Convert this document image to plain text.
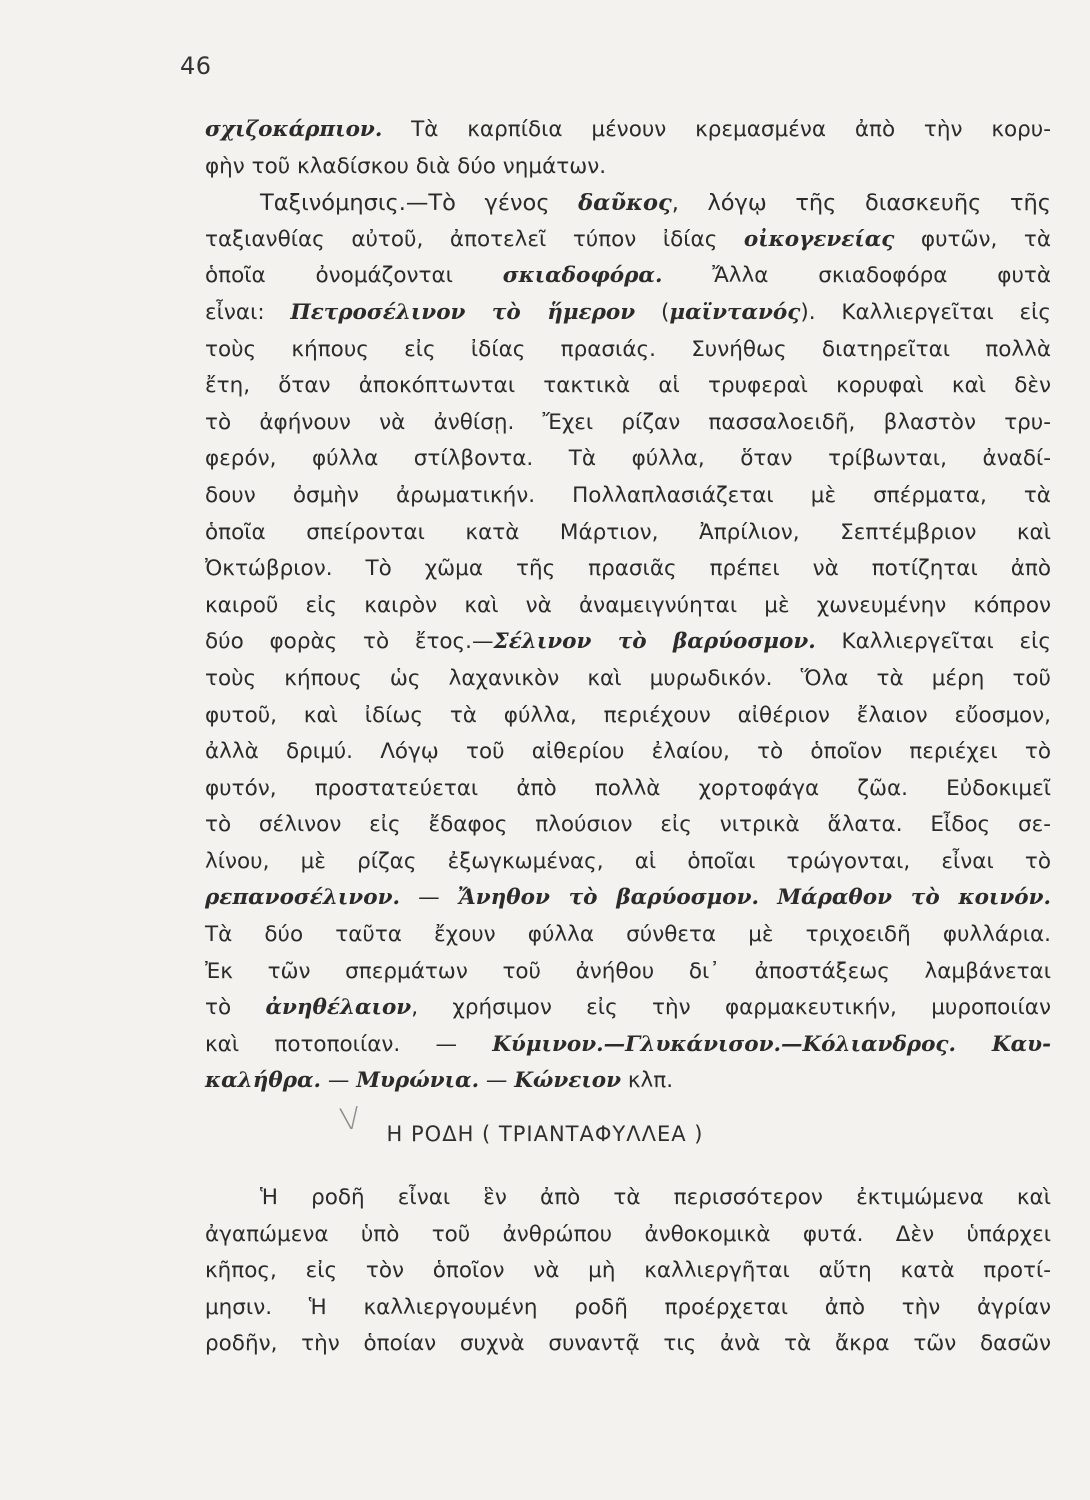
46
σχιζοκάρπιον. Τὰ καρπίδια μένουν κρεμασμένα ἀπὸ τὴν κορυ-
φὴν τοῦ κλαδίσκου διὰ δύο νημάτων.
Ταξινόμησις.—Τὸ γένος δαῦκος, λόγῳ τῆς διασκευῆς τῆς
ταξιανθίας αὐτοῦ, ἀποτελεῖ τύπον ἰδίας οἰκογενείας φυτῶν, τὰ
ὁποῖα ὀνομάζονται σκιαδοφόρα. Ἄλλα σκιαδοφόρα φυτὰ
εἶναι: Πετροσέλινον τὸ ἥμερον (μαϊντανός). Καλλιεργεῖται εἰς
τοὺς κήπους εἰς ἰδίας πρασιάς. Συνήθως διατηρεῖται πολλὰ
ἔτη, ὅταν ἀποκόπτωνται τακτικὰ αἱ τρυφεραὶ κορυφαὶ καὶ δὲν
τὸ ἀφήνουν νὰ ἀνθίσῃ. Ἔχει ρίζαν πασσαλοειδῆ, βλαστὸν τρυ-
φερόν, φύλλα στίλβοντα. Τὰ φύλλα, ὅταν τρίβωνται, ἀναδί-
δουν ὀσμὴν ἀρωματικήν. Πολλαπλασιάζεται μὲ σπέρματα, τὰ
ὁποῖα σπείρονται κατὰ Μάρτιον, Ἀπρίλιον, Σεπτέμβριον καὶ
Ὀκτώβριον. Τὸ χῶμα τῆς πρασιᾶς πρέπει νὰ ποτίζηται ἀπὸ
καιροῦ εἰς καιρὸν καὶ νὰ ἀναμειγνύηται μὲ χωνευμένην κόπρον
δύο φορὰς τὸ ἔτος.—Σέλινον τὸ βαρύοσμον. Καλλιεργεῖται εἰς
τοὺς κήπους ὡς λαχανικὸν καὶ μυρωδικόν. Ὅλα τὰ μέρη τοῦ
φυτοῦ, καὶ ἰδίως τὰ φύλλα, περιέχουν αἰθέριον ἔλαιον εὔοσμον,
ἀλλὰ δριμύ. Λόγῳ τοῦ αἰθερίου ἐλαίου, τὸ ὁποῖον περιέχει τὸ
φυτόν, προστατεύεται ἀπὸ πολλὰ χορτοφάγα ζῶα. Εὐδοκιμεῖ
τὸ σέλινον εἰς ἔδαφος πλούσιον εἰς νιτρικὰ ἅλατα. Εἶδος σε-
λίνου, μὲ ρίζας ἐξωγκωμένας, αἱ ὁποῖαι τρώγονται, εἶναι τὸ
ρεπανοσέλινον. — Ἄνηθον τὸ βαρύοσμον. Μάραθον τὸ κοινόν.
Τὰ δύο ταῦτα ἔχουν φύλλα σύνθετα μὲ τριχοειδῆ φυλλάρια.
Ἐκ τῶν σπερμάτων τοῦ ἀνήθου δι᾽ ἀποστάξεως λαμβάνεται
τὸ ἀνηθέλαιον, χρήσιμον εἰς τὴν φαρμακευτικήν, μυροποιίαν
καὶ ποτοποιίαν. — Κύμινον.—Γλυκάνισον.—Κόλιανδρος. Καυ-
καλήθρα. — Μυρώνια. — Κώνειον κλπ.
V	Η ΡΟΔΗ ( ΤΡΙΑΝΤΑΦΥΛΛΕΑ )
Ἡ ροδῆ εἶναι ἓν ἀπὸ τὰ περισσότερον ἐκτιμώμενα καὶ
ἀγαπώμενα ὑπὸ τοῦ ἀνθρώπου ἀνθοκομικὰ φυτά. Δὲν ὑπάρχει
κῆπος, εἰς τὸν ὁποῖον νὰ μὴ καλλιεργῆται αὕτη κατὰ προτί-
μησιν. Ἡ καλλιεργουμένη ροδῆ προέρχεται ἀπὸ τὴν ἀγρίαν
ροδῆν, τὴν ὁποίαν συχνὰ συναντᾷ τις ἀνὰ τὰ ἄκρα τῶν δασῶν
